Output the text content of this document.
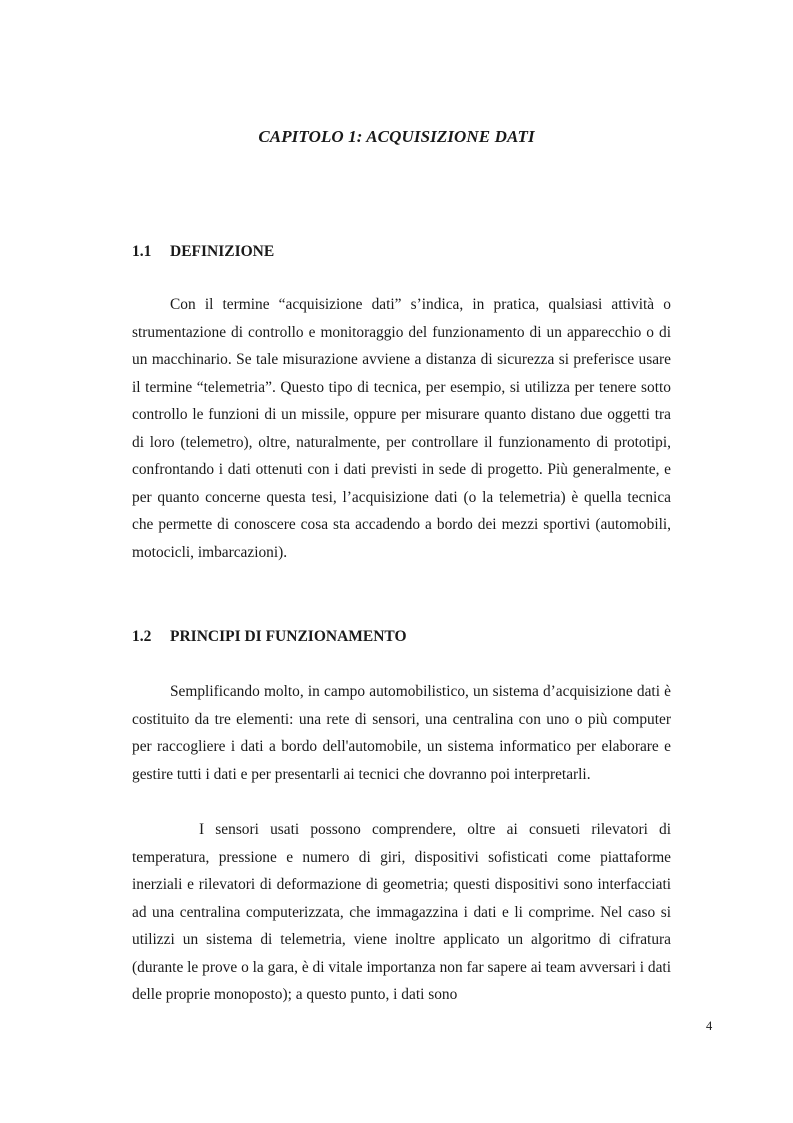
CAPITOLO 1: ACQUISIZIONE DATI
1.1 DEFINIZIONE

Con il termine “acquisizione dati” s’indica, in pratica, qualsiasi attività o strumentazione di controllo e monitoraggio del funzionamento di un apparecchio o di un macchinario. Se tale misurazione avviene a distanza di sicurezza si preferisce usare il termine “telemetria”. Questo tipo di tecnica, per esempio, si utilizza per tenere sotto controllo le funzioni di un missile, oppure per misurare quanto distano due oggetti tra di loro (telemetro), oltre, naturalmente, per controllare il funzionamento di prototipi, confrontando i dati ottenuti con i dati previsti in sede di progetto. Più generalmente, e per quanto concerne questa tesi, l’acquisizione dati (o la telemetria) è quella tecnica che permette di conoscere cosa sta accadendo a bordo dei mezzi sportivi (automobili, motocicli, imbarcazioni).

1.2 PRINCIPI DI FUNZIONAMENTO

Semplificando molto, in campo automobilistico, un sistema d’acquisizione dati è costituito da tre elementi: una rete di sensori, una centralina con uno o più computer per raccogliere i dati a bordo dell'automobile, un sistema informatico per elaborare e gestire tutti i dati e per presentarli ai tecnici che dovranno poi interpretarli.

I sensori usati possono comprendere, oltre ai consueti rilevatori di temperatura, pressione e numero di giri, dispositivi sofisticati come piattaforme inerziali e rilevatori di deformazione di geometria; questi dispositivi sono interfacciati ad una centralina computerizzata, che immagazzina i dati e li comprime. Nel caso si utilizzi un sistema di telemetria, viene inoltre applicato un algoritmo di cifratura (durante le prove o la gara, è di vitale importanza non far sapere ai team avversari i dati delle proprie monoposto); a questo punto, i dati sono

4
